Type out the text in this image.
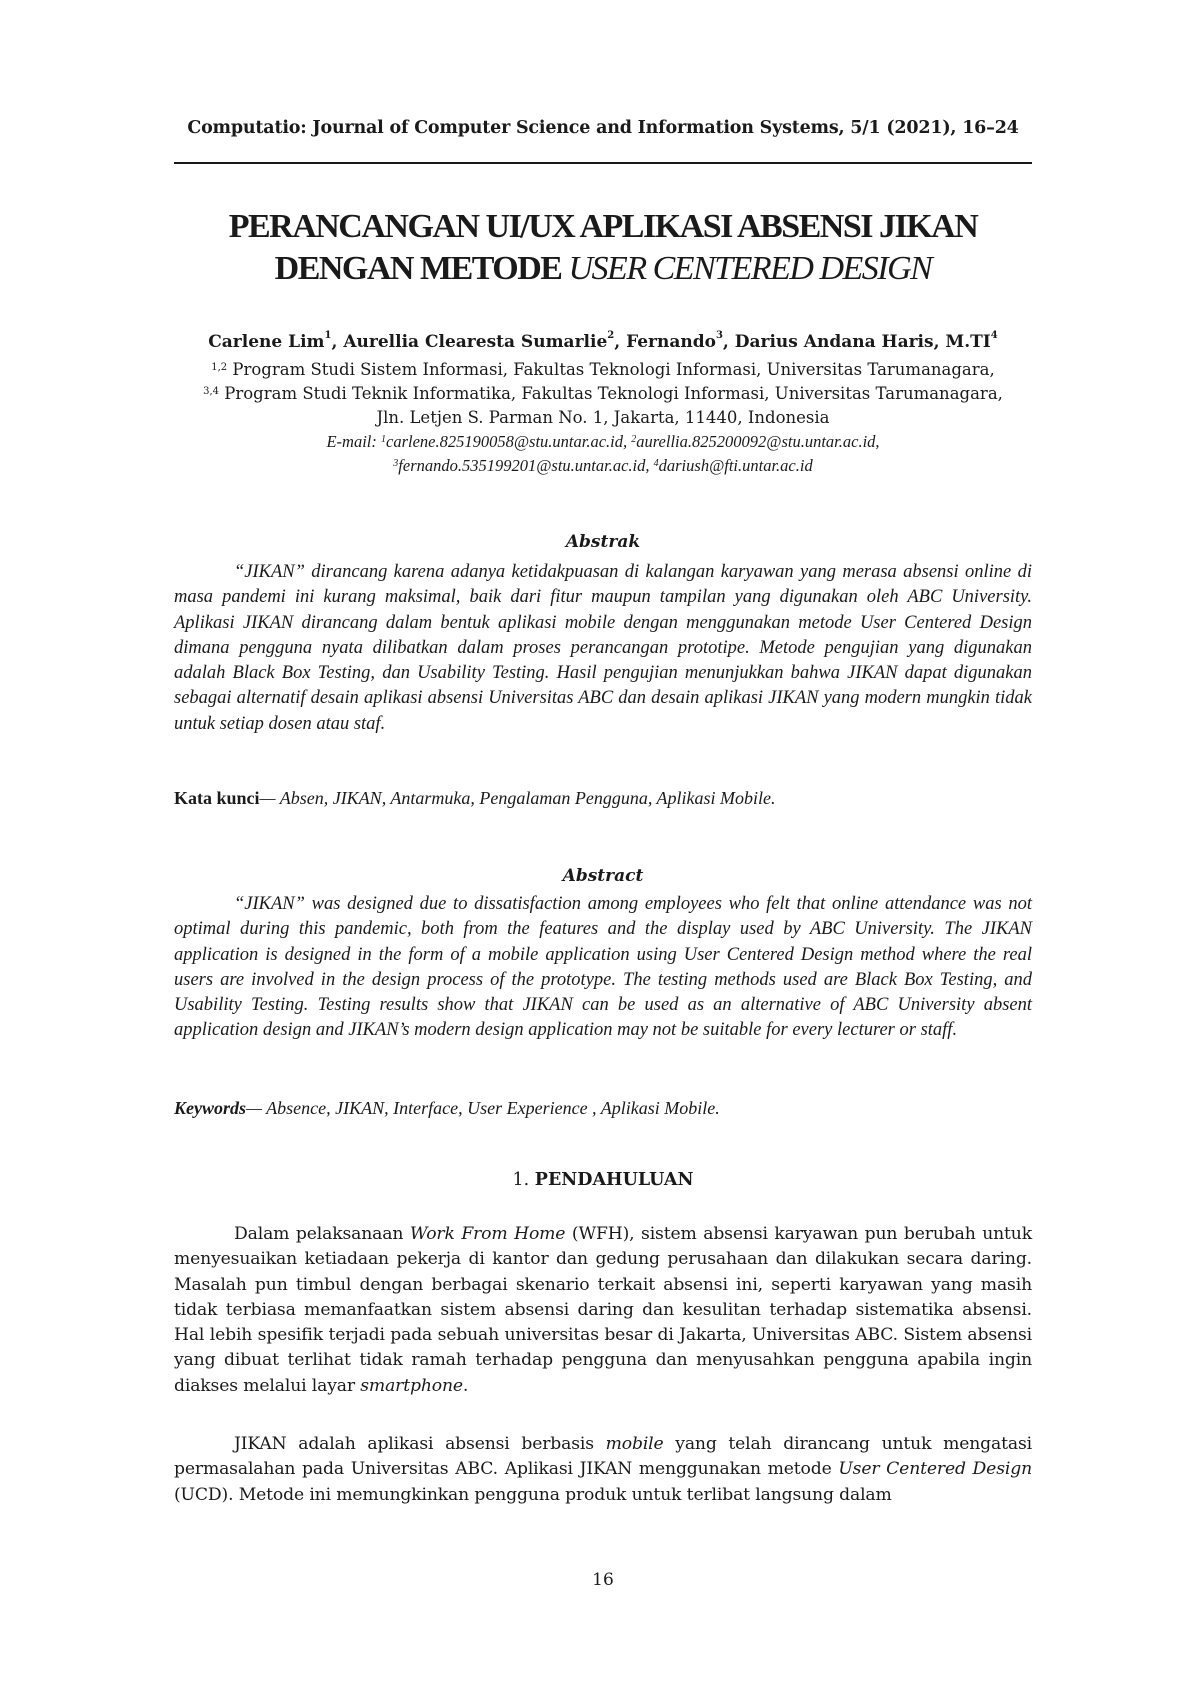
Computatio: Journal of Computer Science and Information Systems, 5/1 (2021), 16–24
PERANCANGAN UI/UX APLIKASI ABSENSI JIKAN
DENGAN METODE USER CENTERED DESIGN
Carlene Lim$^1$, Aurellia Clearesta Sumarlie$^2$, Fernando$^3$, Darius Andana Haris, $M.TI^4$
$^{1,2}$ Program Studi Sistem Informasi, Fakultas Teknologi Informasi, Universitas Tarumanagara,
$^{3,4}$ Program Studi Teknik Informatika, Fakultas Teknologi Informasi, Universitas Tarumanagara,
Jln. Letjen S. Parman No. 1, Jakarta, 11440, Indonesia
E-mail: $^1$carlene.825190058@stu.untar.ac.id, $^2$aurellia.825200092@stu.untar.ac.id,
$^3$fernando.535199201@stu.untar.ac.id, $^4$dariush@fti.untar.ac.id
Abstrak

“JIKAN” dirancang karena adanya ketidakpuasan di kalangan karyawan yang merasa absensi online di masa pandemi ini kurang maksimal, baik dari fitur maupun tampilan yang digunakan oleh ABC University. Aplikasi JIKAN dirancang dalam bentuk aplikasi mobile dengan menggunakan metode User Centered Design dimana pengguna nyata dilibatkan dalam proses perancangan prototipe. Metode pengujian yang digunakan adalah Black Box Testing, dan Usability Testing. Hasil pengujian menunjukkan bahwa JIKAN dapat digunakan sebagai alternatif desain aplikasi absensi Universitas ABC dan desain aplikasi JIKAN yang modern mungkin tidak untuk setiap dosen atau staf.

Kata kunci— Absen, JIKAN, Antarmuka, Pengalaman Pengguna, Aplikasi Mobile.
Abstract

“JIKAN” was designed due to dissatisfaction among employees who felt that online attendance was not optimal during this pandemic, both from the features and the display used by ABC University. The JIKAN application is designed in the form of a mobile application using User Centered Design method where the real users are involved in the design process of the prototype. The testing methods used are Black Box Testing, and Usability Testing. Testing results show that JIKAN can be used as an alternative of ABC University absent application design and JIKAN’s modern design application may not be suitable for every lecturer or staff.

Keywords— Absence, JIKAN, Interface, User Experience , Aplikasi Mobile.
1. PENDAHULUAN

Dalam pelaksanaan Work From Home (WFH), sistem absensi karyawan pun berubah untuk menyesuaikan ketiadaan pekerja di kantor dan gedung perusahaan dan dilakukan secara daring. Masalah pun timbul dengan berbagai skenario terkait absensi ini, seperti karyawan yang masih tidak terbiasa memanfaatkan sistem absensi daring dan kesulitan terhadap sistematika absensi. Hal lebih spesifik terjadi pada sebuah universitas besar di Jakarta, Universitas ABC. Sistem absensi yang dibuat terlihat tidak ramah terhadap pengguna dan menyusahkan pengguna apabila ingin diakses melalui layar smartphone.

JIKAN adalah aplikasi absensi berbasis mobile yang telah dirancang untuk mengatasi permasalahan pada Universitas ABC. Aplikasi JIKAN menggunakan metode User Centered Design (UCD). Metode ini memungkinkan pengguna produk untuk terlibat langsung dalam

16
